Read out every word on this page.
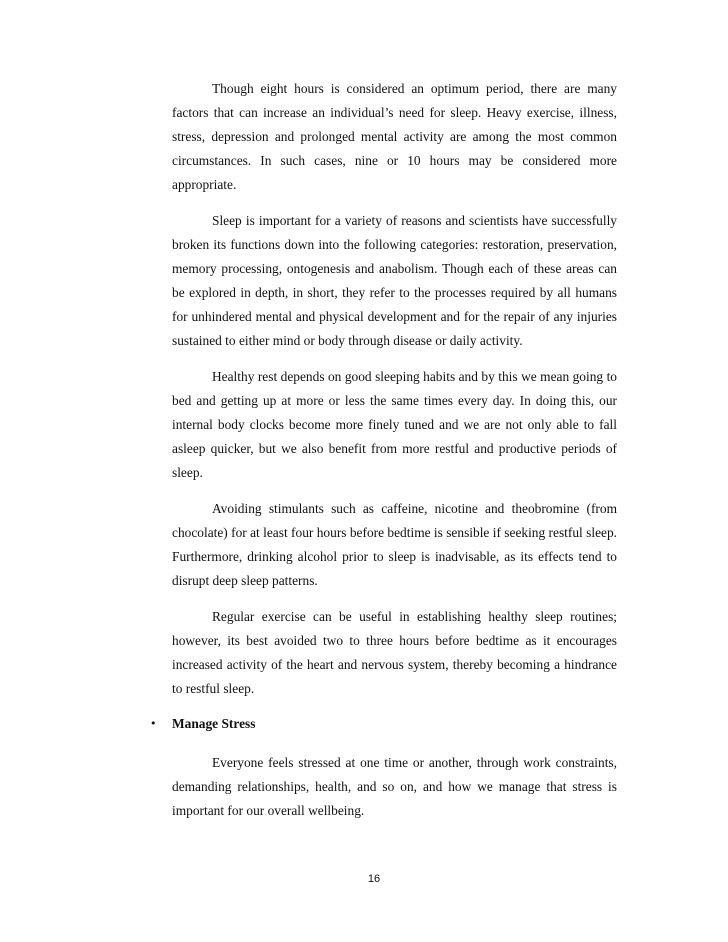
Though eight hours is considered an optimum period, there are many factors that can increase an individual’s need for sleep. Heavy exercise, illness, stress, depression and prolonged mental activity are among the most common circumstances. In such cases, nine or 10 hours may be considered more appropriate.

Sleep is important for a variety of reasons and scientists have successfully broken its functions down into the following categories: restoration, preservation, memory processing, ontogenesis and anabolism. Though each of these areas can be explored in depth, in short, they refer to the processes required by all humans for unhindered mental and physical development and for the repair of any injuries sustained to either mind or body through disease or daily activity.

Healthy rest depends on good sleeping habits and by this we mean going to bed and getting up at more or less the same times every day. In doing this, our internal body clocks become more finely tuned and we are not only able to fall asleep quicker, but we also benefit from more restful and productive periods of sleep.

Avoiding stimulants such as caffeine, nicotine and theobromine (from chocolate) for at least four hours before bedtime is sensible if seeking restful sleep. Furthermore, drinking alcohol prior to sleep is inadvisable, as its effects tend to disrupt deep sleep patterns.

Regular exercise can be useful in establishing healthy sleep routines; however, its best avoided two to three hours before bedtime as it encourages increased activity of the heart and nervous system, thereby becoming a hindrance to restful sleep.

•	Manage Stress

Everyone feels stressed at one time or another, through work constraints, demanding relationships, health, and so on, and how we manage that stress is important for our overall wellbeing.

16
